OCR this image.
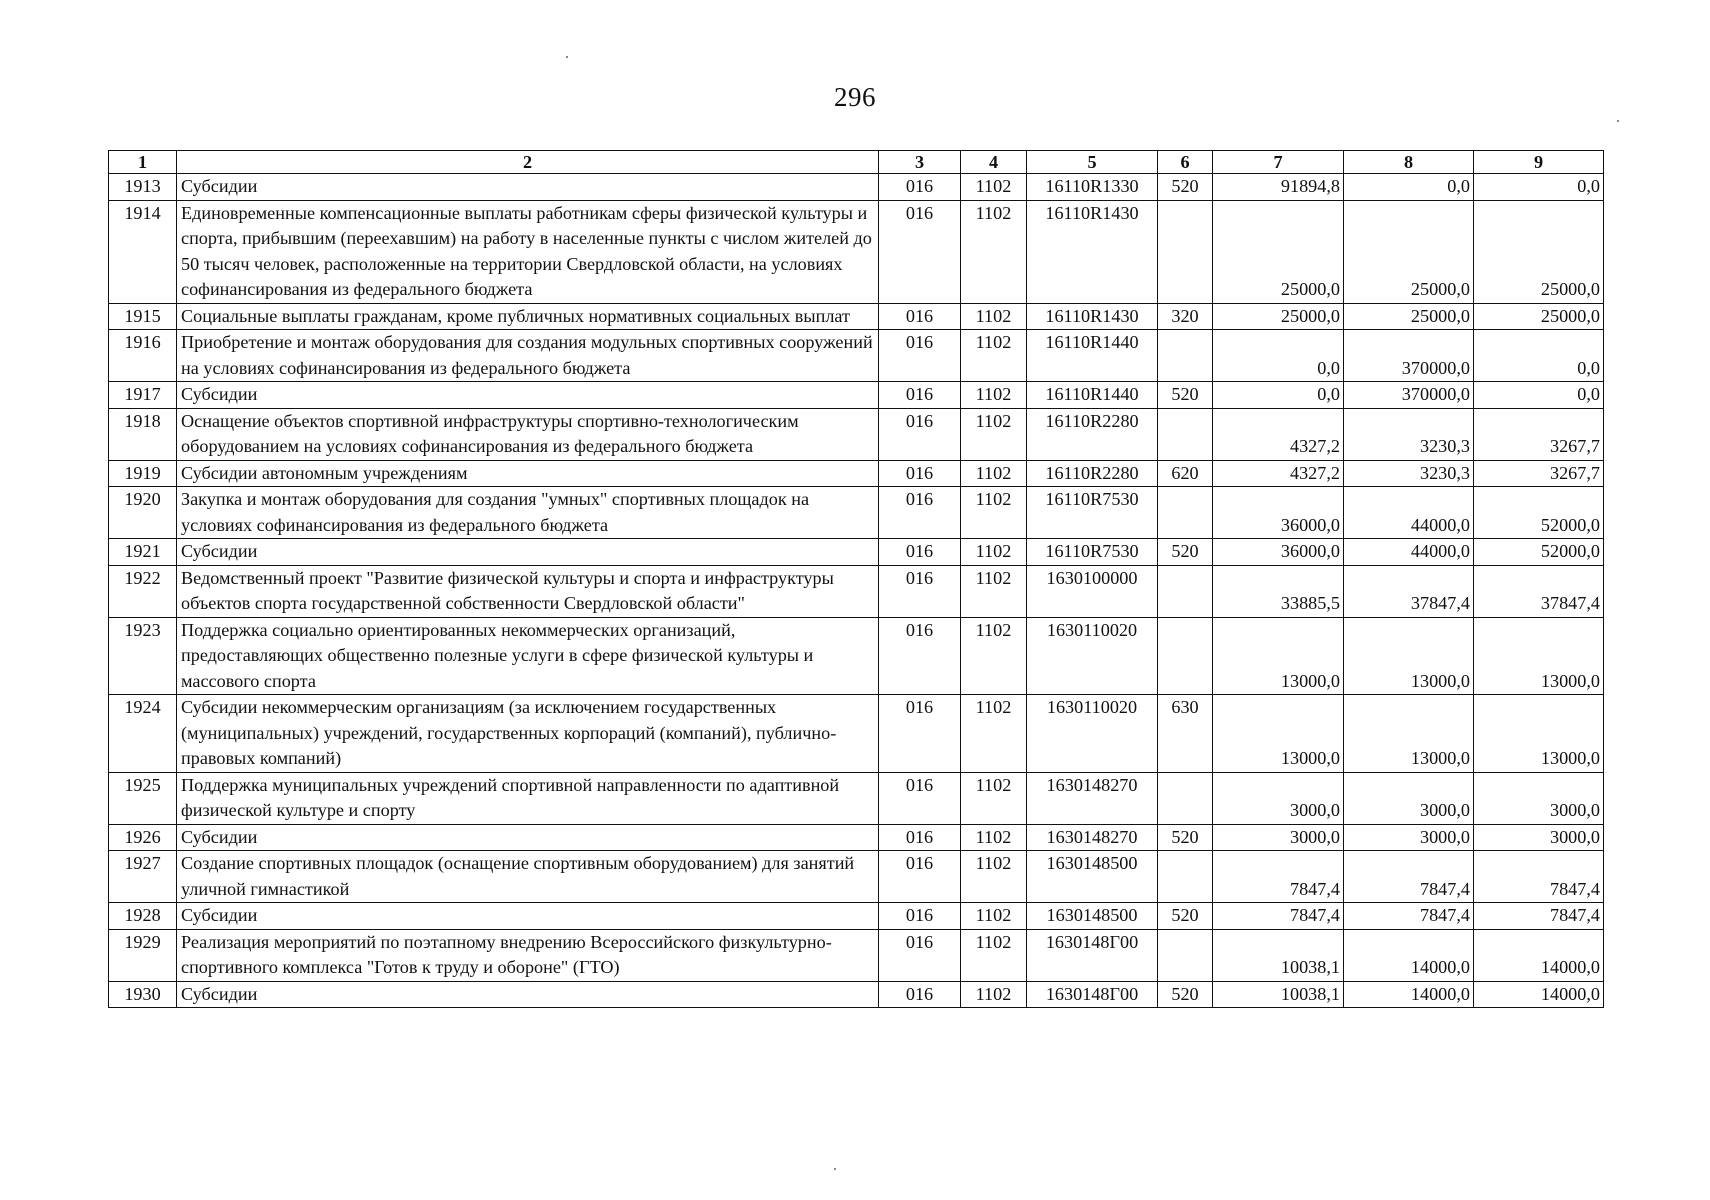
296
1	2	3	4	5	6	7	8	9
1913	Субсидии	016	1102	16110R1330	520	91894,8	0,0	0,0
1914	Единовременные компенсационные выплаты работникам сферы физической культуры и спорта, прибывшим (переехавшим) на работу в населенные пункты с числом жителей до 50 тысяч человек, расположенные на территории Свердловской области, на условиях софинансирования из федерального бюджета	016	1102	16110R1430		25000,0	25000,0	25000,0
1915	Социальные выплаты гражданам, кроме публичных нормативных социальных выплат	016	1102	16110R1430	320	25000,0	25000,0	25000,0
1916	Приобретение и монтаж оборудования для создания модульных спортивных сооружений на условиях софинансирования из федерального бюджета	016	1102	16110R1440		0,0	370000,0	0,0
1917	Субсидии	016	1102	16110R1440	520	0,0	370000,0	0,0
1918	Оснащение объектов спортивной инфраструктуры спортивно-технологическим оборудованием на условиях софинансирования из федерального бюджета	016	1102	16110R2280		4327,2	3230,3	3267,7
1919	Субсидии автономным учреждениям	016	1102	16110R2280	620	4327,2	3230,3	3267,7
1920	Закупка и монтаж оборудования для создания "умных" спортивных площадок на условиях софинансирования из федерального бюджета	016	1102	16110R7530		36000,0	44000,0	52000,0
1921	Субсидии	016	1102	16110R7530	520	36000,0	44000,0	52000,0
1922	Ведомственный проект "Развитие физической культуры и спорта и инфраструктуры объектов спорта государственной собственности Свердловской области"	016	1102	1630100000		33885,5	37847,4	37847,4
1923	Поддержка социально ориентированных некоммерческих организаций, предоставляющих общественно полезные услуги в сфере физической культуры и массового спорта	016	1102	1630110020		13000,0	13000,0	13000,0
1924	Субсидии некоммерческим организациям (за исключением государственных (муниципальных) учреждений, государственных корпораций (компаний), публично-правовых компаний)	016	1102	1630110020	630	13000,0	13000,0	13000,0
1925	Поддержка муниципальных учреждений спортивной направленности по адаптивной физической культуре и спорту	016	1102	1630148270		3000,0	3000,0	3000,0
1926	Субсидии	016	1102	1630148270	520	3000,0	3000,0	3000,0
1927	Создание спортивных площадок (оснащение спортивным оборудованием) для занятий уличной гимнастикой	016	1102	1630148500		7847,4	7847,4	7847,4
1928	Субсидии	016	1102	1630148500	520	7847,4	7847,4	7847,4
1929	Реализация мероприятий по поэтапному внедрению Всероссийского физкультурно-спортивного комплекса "Готов к труду и обороне" (ГТО)	016	1102	1630148Г00		10038,1	14000,0	14000,0
1930	Субсидии	016	1102	1630148Г00	520	10038,1	14000,0	14000,0
